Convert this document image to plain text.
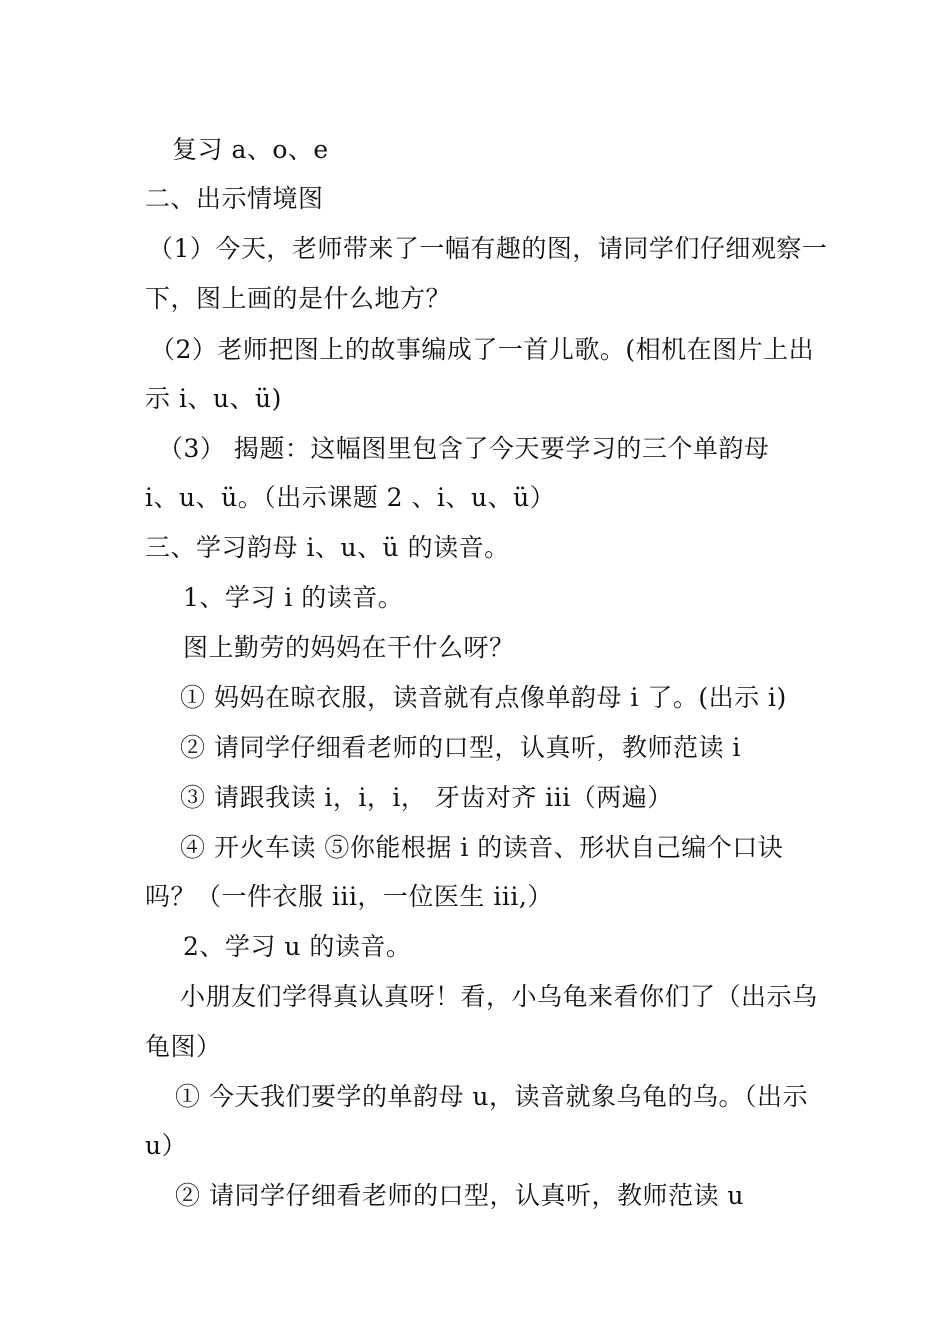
复习 a、o、e
二、出示情境图
（1）今天，老师带来了一幅有趣的图，请同学们仔细观察一
下，图上画的是什么地方？
（2）老师把图上的故事编成了一首儿歌。(相机在图片上出
示 i、u、ü)
（3） 揭题：这幅图里包含了今天要学习的三个单韵母
i、u、ü。（出示课题 2 、i、u、ü）
三、学习韵母 i、u、ü 的读音。
1、学习 i 的读音。
图上勤劳的妈妈在干什么呀？
① 妈妈在晾衣服，读音就有点像单韵母 i 了。(出示 i)
② 请同学仔细看老师的口型，认真听，教师范读 i
③ 请跟我读 i，i，i， 牙齿对齐 iii（两遍）
④ 开火车读 ⑤你能根据 i 的读音、形状自己编个口诀
吗？（一件衣服 iii，一位医生 iii,）
2、学习 u 的读音。
小朋友们学得真认真呀！看，小乌龟来看你们了（出示乌
龟图）
① 今天我们要学的单韵母 u，读音就象乌龟的乌。（出示
u）
② 请同学仔细看老师的口型，认真听，教师范读 u
